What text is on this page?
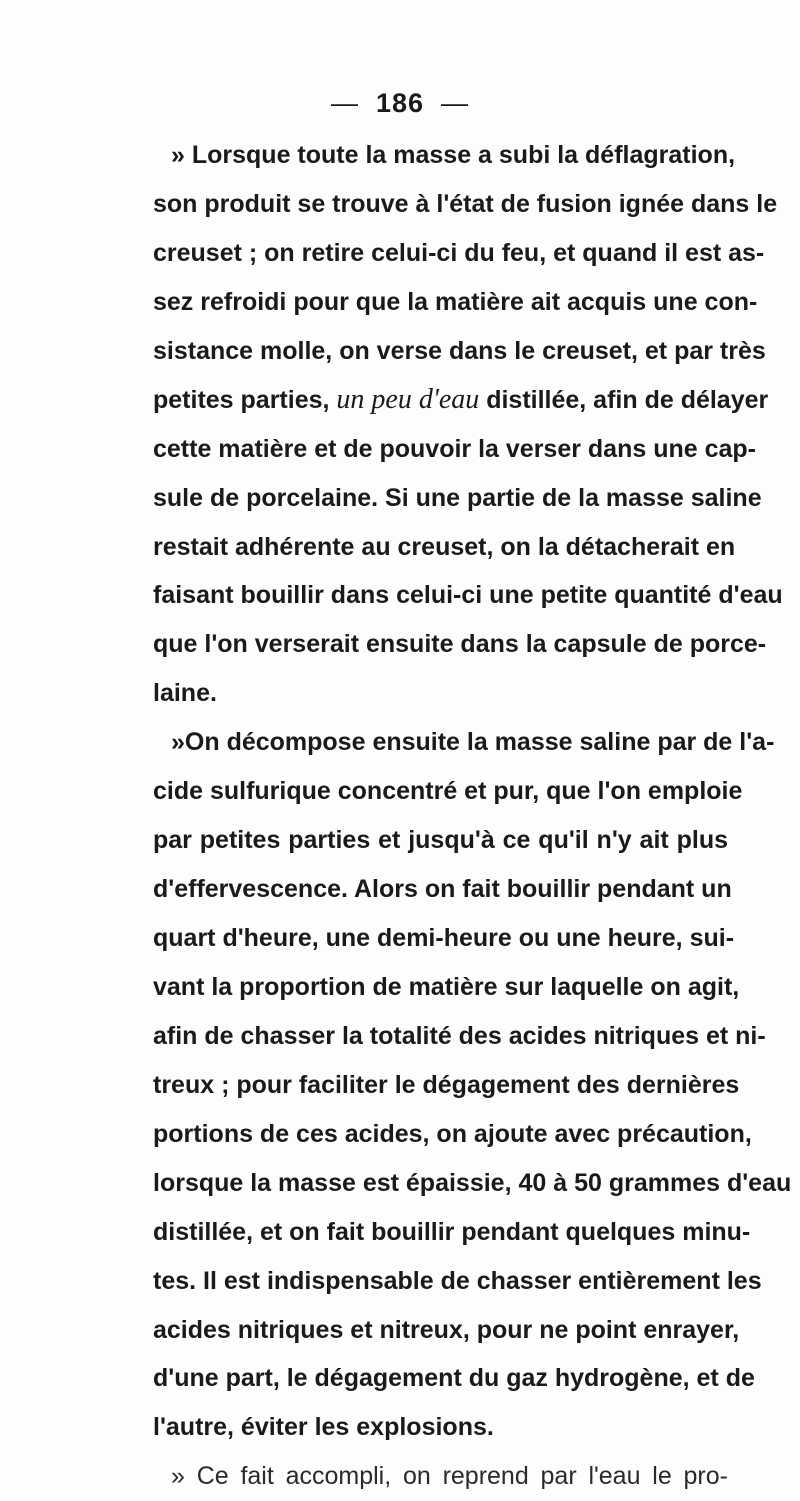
— 186 —
» Lorsque toute la masse a subi la déflagration,
son produit se trouve à l'état de fusion ignée dans le
creuset ; on retire celui-ci du feu, et quand il est as-
sez refroidi pour que la matière ait acquis une con-
sistance molle, on verse dans le creuset, et par très
petites parties, un peu d'eau distillée, afin de délayer
cette matière et de pouvoir la verser dans une cap-
sule de porcelaine. Si une partie de la masse saline
restait adhérente au creuset, on la détacherait en
faisant bouillir dans celui-ci une petite quantité d'eau
que l'on verserait ensuite dans la capsule de porce-
laine.
»On décompose ensuite la masse saline par de l'a-
cide sulfurique concentré et pur, que l'on emploie
par petites parties et jusqu'à ce qu'il n'y ait plus
d'effervescence. Alors on fait bouillir pendant un
quart d'heure, une demi-heure ou une heure, sui-
vant la proportion de matière sur laquelle on agit,
afin de chasser la totalité des acides nitriques et ni-
treux ; pour faciliter le dégagement des dernières
portions de ces acides, on ajoute avec précaution,
lorsque la masse est épaissie, 40 à 50 grammes d'eau
distillée, et on fait bouillir pendant quelques minu-
tes. Il est indispensable de chasser entièrement les
acides nitriques et nitreux, pour ne point enrayer,
d'une part, le dégagement du gaz hydrogène, et de
l'autre, éviter les explosions.
» Ce fait accompli, on reprend par l'eau le pro-
